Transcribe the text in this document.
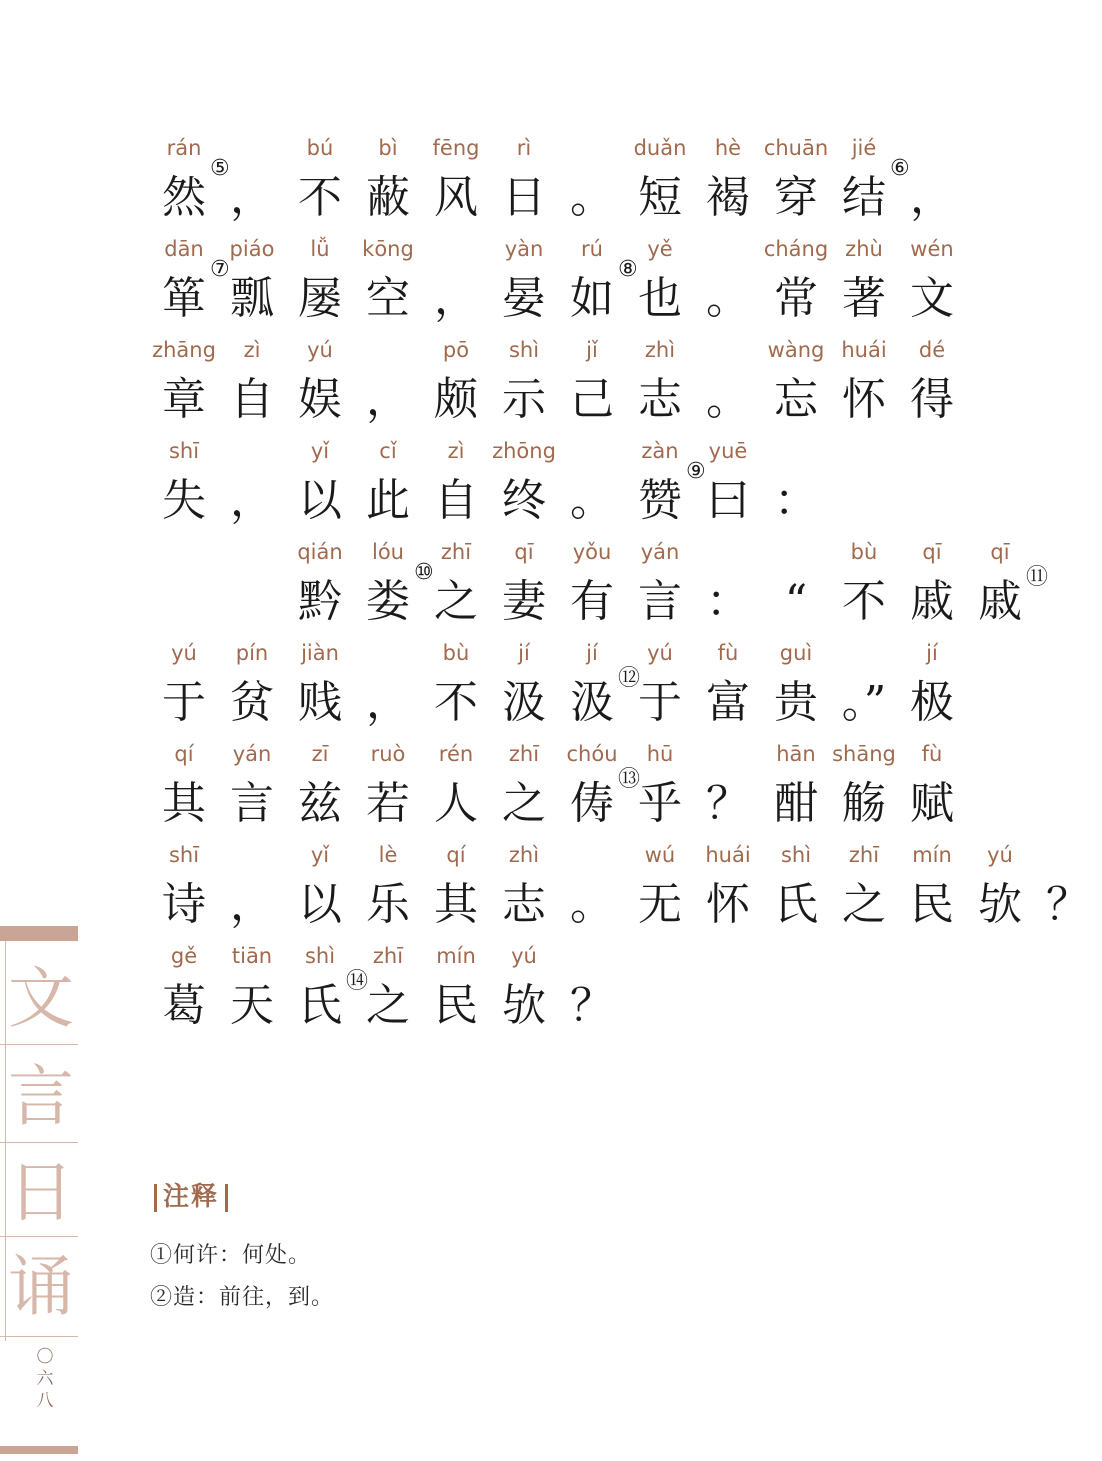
rán
然
⑤
，
bú
不
bì
蔽
fēng
风
rì
日 。
duǎn
短
hè
褐
chuān
穿
jié
结
⑥
，
dān
箪
⑦
piáo
瓢
lǚ
屡
kōng
空 ，
yàn
晏
rú
如
⑧
yě
也 。
cháng
常
zhù
著
wén
文
zhāng
章
zì
自
yú
娱 ，
pō
颇
shì
示
jǐ
己
zhì
志 。
wàng
忘
huái
怀
dé
得
shī
失 ，
yǐ
以
cǐ
此
zì
自
zhōng
终 。
zàn
赞
⑨
yuē
曰 ：
qián
黔
lóu
娄
⑩
zhī
之
qī
妻
yǒu
有
yán
言 ： “
bù
不
qī
戚
qī
戚 ⑪
yú
于
pín
贫
jiàn
贱 ，
bù
不
jí
汲
jí
汲 ⑫
yú
于
fù
富
guì
贵 。”
jí
极
qí
其
yán
言
zī
兹
ruò
若
rén
人
zhī
之
chóu
俦 ⑬
hū
乎 ？
hān
酣
shāng
觞
fù
赋
shī
诗 ，
yǐ
以
lè
乐
qí
其
zhì
志 。
wú
无
huái
怀
shì
氏
zhī
之
mín
民
yú
欤 ？
gě
葛
tiān
天
shì
氏 ⑭
zhī
之
mín
民
yú
欤 ？
注释
①何许：何处。
②造：前往，到。
文
言
日
诵
〇
六
八
